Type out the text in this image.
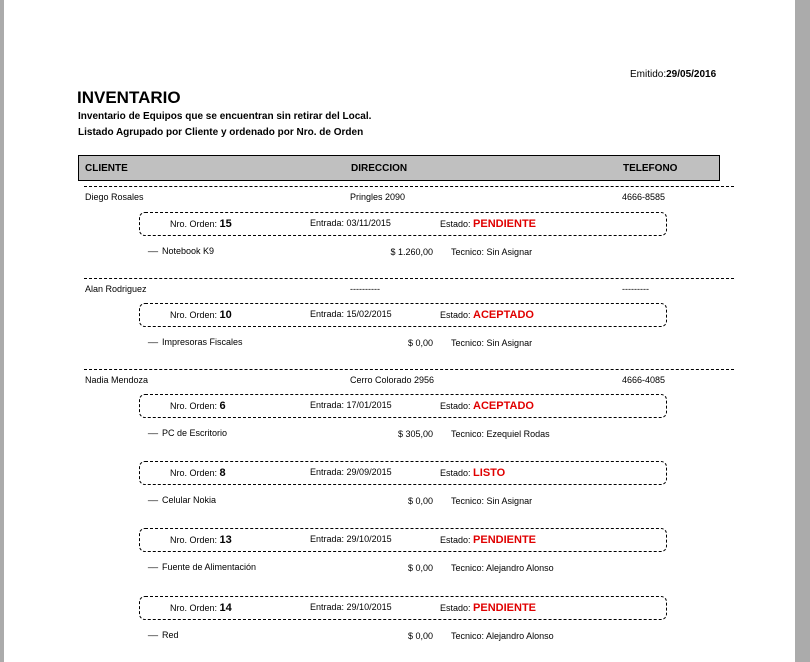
Emitido:29/05/2016
INVENTARIO
Inventario de Equipos que se encuentran sin retirar del Local.
Listado Agrupado por Cliente y ordenado por Nro. de Orden
CLIENTE	DIRECCION	TELEFONO
Diego Rosales	Pringles 2090	4666-8585
Nro. Orden: 15	Entrada: 03/11/2015	Estado: PENDIENTE
__ Notebook K9	$ 1.260,00 Tecnico: Sin Asignar
Alan Rodriguez	----------	---------
Nro. Orden: 10	Entrada: 15/02/2015	Estado: ACEPTADO
__ Impresoras Fiscales	$ 0,00 Tecnico: Sin Asignar
Nadia Mendoza	Cerro Colorado 2956	4666-4085
Nro. Orden: 6	Entrada: 17/01/2015	Estado: ACEPTADO
__ PC de Escritorio	$ 305,00 Tecnico: Ezequiel Rodas
Nro. Orden: 8	Entrada: 29/09/2015	Estado: LISTO
__ Celular Nokia	$ 0,00 Tecnico: Sin Asignar
Nro. Orden: 13	Entrada: 29/10/2015	Estado: PENDIENTE
__ Fuente de Alimentación	$ 0,00 Tecnico: Alejandro Alonso
Nro. Orden: 14	Entrada: 29/10/2015	Estado: PENDIENTE
__ Red	$ 0,00 Tecnico: Alejandro Alonso
